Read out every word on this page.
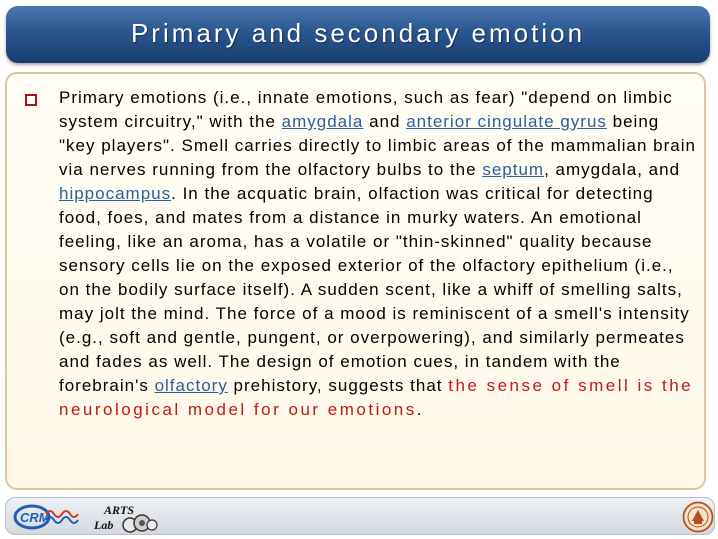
Primary and secondary emotion

Primary emotions (i.e., innate emotions, such as fear) "depend on limbic system circuitry," with the amygdala and anterior cingulate gyrus being "key players". Smell carries directly to limbic areas of the mammalian brain via nerves running from the olfactory bulbs to the septum, amygdala, and hippocampus. In the acquatic brain, olfaction was critical for detecting food, foes, and mates from a distance in murky waters. An emotional feeling, like an aroma, has a volatile or "thin-skinned" quality because sensory cells lie on the exposed exterior of the olfactory epithelium (i.e., on the bodily surface itself). A sudden scent, like a whiff of smelling salts, may jolt the mind. The force of a mood is reminiscent of a smell's intensity (e.g., soft and gentle, pungent, or overpowering), and similarly permeates and fades as well. The design of emotion cues, in tandem with the forebrain's olfactory prehistory, suggests that the sense of smell is the neurological model for our emotions.

CRM	ARTS
Lab
